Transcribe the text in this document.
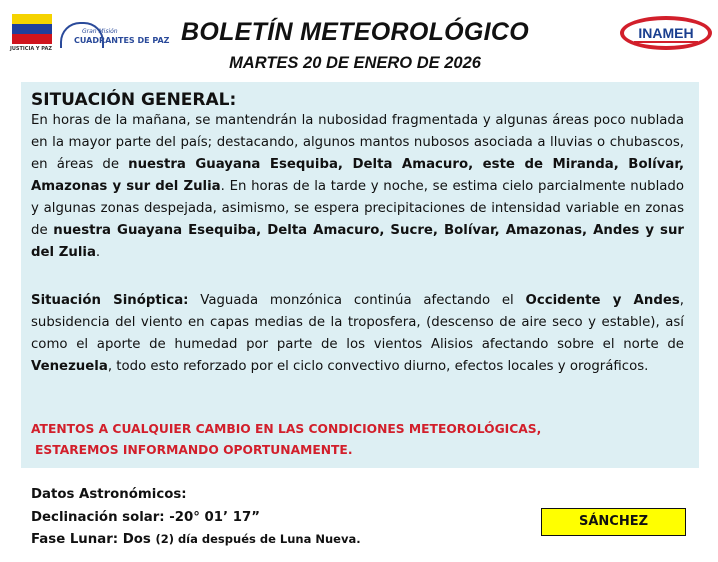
JUSTICIA Y PAZ
Gran Misión
CUADRANTES DE PAZ BOLETÍN METEOROLÓGICO
MARTES 20 DE ENERO DE 2026
INAMEH
SITUACIÓN GENERAL:
En horas de la mañana, se mantendrán la nubosidad fragmentada y algunas áreas poco nublada en la mayor parte del país; destacando, algunos mantos nubosos asociada a lluvias o chubascos, en áreas de nuestra Guayana Esequiba, Delta Amacuro, este de Miranda, Bolívar, Amazonas y sur del Zulia. En horas de la tarde y noche, se estima cielo parcialmente nublado y algunas zonas despejada, asimismo, se espera precipitaciones de intensidad variable en zonas de nuestra Guayana Esequiba, Delta Amacuro, Sucre, Bolívar, Amazonas, Andes y sur del Zulia.
Situación Sinóptica: Vaguada monzónica continúa afectando el Occidente y Andes, subsidencia del viento en capas medias de la troposfera, (descenso de aire seco y estable), así como el aporte de humedad por parte de los vientos Alisios afectando sobre el norte de Venezuela, todo esto reforzado por el ciclo convectivo diurno, efectos locales y orográficos.
ATENTOS A CUALQUIER CAMBIO EN LAS CONDICIONES METEOROLÓGICAS,
ESTAREMOS INFORMANDO OPORTUNAMENTE.
Datos Astronómicos:
Declinación solar: -20° 01’ 17”
Fase Lunar: Dos (2) día después de Luna Nueva.
SÁNCHEZ
